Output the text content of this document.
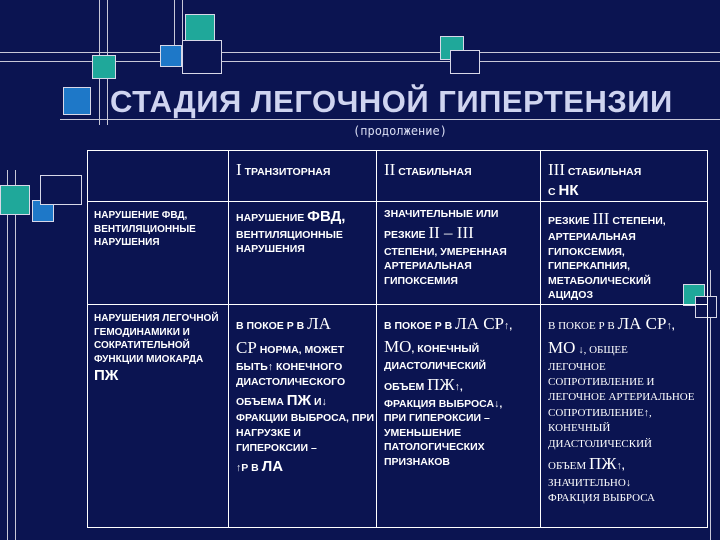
СТАДИЯ ЛЕГОЧНОЙ ГИПЕРТЕНЗИИ
(продолжение)
I ТРАНЗИТОРНАЯ	II СТАБИЛЬНАЯ	III СТАБИЛЬНАЯ
С НК
НАРУШЕНИЕ ФВД, ВЕНТИЛЯЦИОННЫЕ НАРУШЕНИЯ
НАРУШЕНИЕ ФВД,
ВЕНТИЛЯЦИОННЫЕ НАРУШЕНИЯ
ЗНАЧИТЕЛЬНЫЕ ИЛИ
РЕЗКИЕ II – III
СТЕПЕНИ, УМЕРЕННАЯ АРТЕРИАЛЬНАЯ ГИПОКСЕМИЯ
РЕЗКИЕ III СТЕПЕНИ,
АРТЕРИАЛЬНАЯ ГИПОКСЕМИЯ, ГИПЕРКАПНИЯ, МЕТАБОЛИЧЕСКИЙ АЦИДОЗ
НАРУШЕНИЯ ЛЕГОЧНОЙ ГЕМОДИНАМИКИ И СОКРАТИТЕЛЬНОЙ ФУНКЦИИ МИОКАРДА ПЖ
В ПОКОЕ Р В ЛА
СР НОРМА, МОЖЕТ
БЫТЬ↑ КОНЕЧНОГО ДИАСТОЛИЧЕСКОГО
ОБЪЕМА ПЖ И↓
ФРАКЦИИ ВЫБРОСА, ПРИ НАГРУЗКЕ И ГИПЕРОКСИИ –
↑Р В ЛА
В ПОКОЕ Р В ЛА СР↑,
МО, КОНЕЧНЫЙ ДИАСТОЛИЧЕСКИЙ
ОБЪЕМ ПЖ↑,
ФРАКЦИЯ ВЫБРОСА↓,
ПРИ ГИПЕРОКСИИ – УМЕНЬШЕНИЕ ПАТОЛОГИЧЕСКИХ ПРИЗНАКОВ
В ПОКОЕ Р В ЛА СР↑,
МО ↓, ОБЩЕЕ
ЛЕГОЧНОЕ СОПРОТИВЛЕНИЕ И ЛЕГОЧНОЕ АРТЕРИАЛЬНОЕ СОПРОТИВЛЕНИЕ↑, КОНЕЧНЫЙ ДИАСТОЛИЧЕСКИЙ
ОБЪЕМ ПЖ↑,
ЗНАЧИТЕЛЬНО↓
ФРАКЦИЯ ВЫБРОСА
